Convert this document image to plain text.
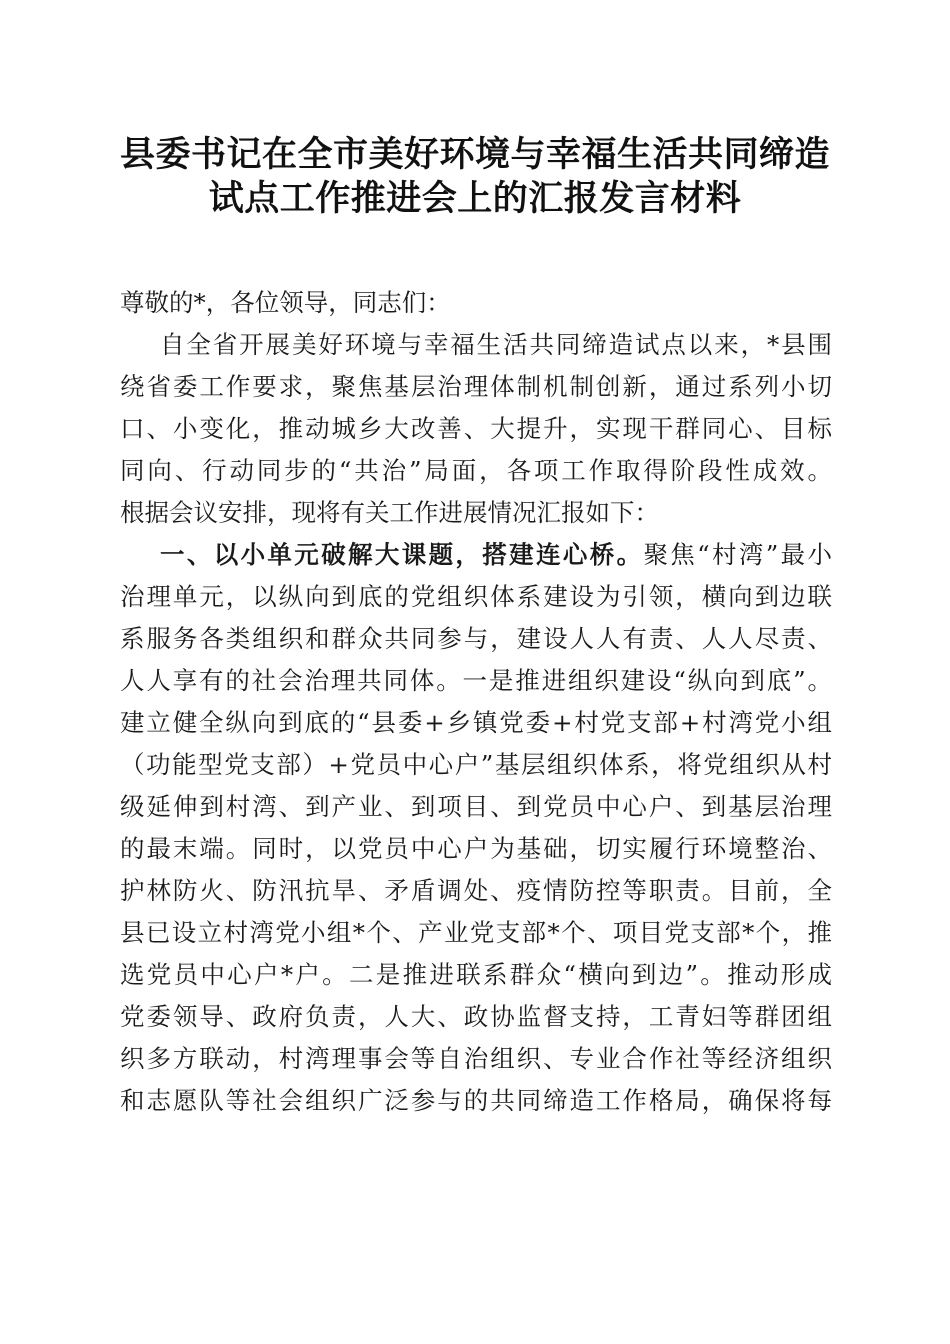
县委书记在全市美好环境与幸福生活共同缔造
试点工作推进会上的汇报发言材料
尊敬的*，各位领导，同志们：
自全省开展美好环境与幸福生活共同缔造试点以来，*县围
绕省委工作要求，聚焦基层治理体制机制创新，通过系列小切
口、小变化，推动城乡大改善、大提升，实现干群同心、目标
同向、行动同步的“共治”局面，各项工作取得阶段性成效。
根据会议安排，现将有关工作进展情况汇报如下：
一、以小单元破解大课题，搭建连心桥。聚焦“村湾”最小
治理单元，以纵向到底的党组织体系建设为引领，横向到边联
系服务各类组织和群众共同参与，建设人人有责、人人尽责、
人人享有的社会治理共同体。一是推进组织建设“纵向到底”。
建立健全纵向到底的“县委+乡镇党委+村党支部+村湾党小组
（功能型党支部）+党员中心户”基层组织体系，将党组织从村
级延伸到村湾、到产业、到项目、到党员中心户、到基层治理
的最末端。同时，以党员中心户为基础，切实履行环境整治、
护林防火、防汛抗旱、矛盾调处、疫情防控等职责。目前，全
县已设立村湾党小组*个、产业党支部*个、项目党支部*个，推
选党员中心户*户。二是推进联系群众“横向到边”。推动形成
党委领导、政府负责，人大、政协监督支持，工青妇等群团组
织多方联动，村湾理事会等自治组织、专业合作社等经济组织
和志愿队等社会组织广泛参与的共同缔造工作格局，确保将每
